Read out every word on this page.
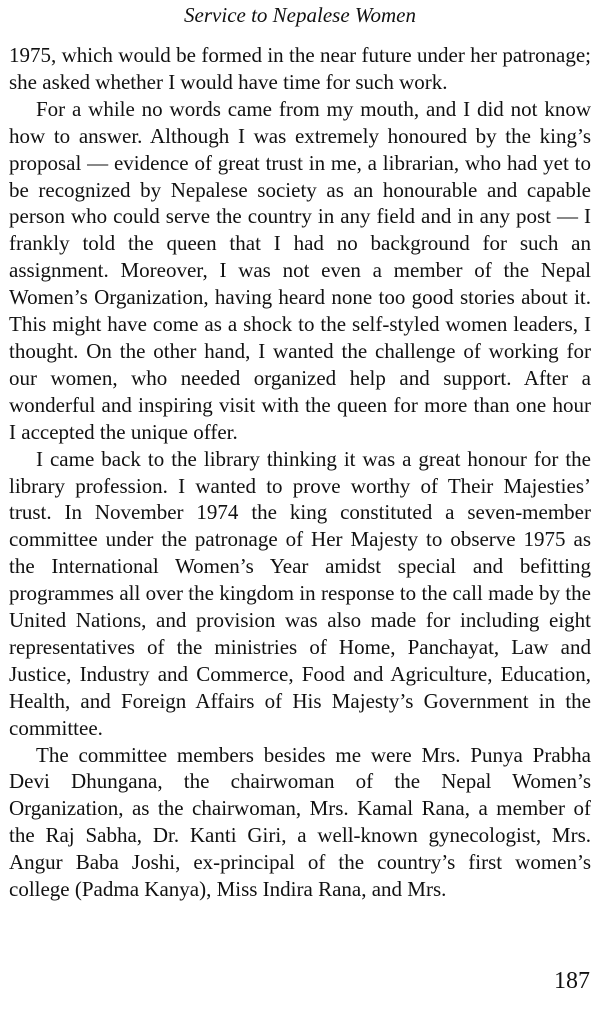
Service to Nepalese Women

1975, which would be formed in the near future under her patronage; she asked whether I would have time for such work.

For a while no words came from my mouth, and I did not know how to answer. Although I was extremely honoured by the king’s proposal — evidence of great trust in me, a librarian, who had yet to be recognized by Nepalese society as an honourable and capable person who could serve the country in any field and in any post — I frankly told the queen that I had no background for such an assignment. Moreover, I was not even a member of the Nepal Women’s Organization, having heard none too good stories about it. This might have come as a shock to the self-styled women leaders, I thought. On the other hand, I wanted the challenge of working for our women, who needed organized help and support. After a wonderful and inspiring visit with the queen for more than one hour I accepted the unique offer.

I came back to the library thinking it was a great honour for the library profession. I wanted to prove worthy of Their Majesties’ trust. In November 1974 the king constituted a seven-member committee under the patronage of Her Majesty to observe 1975 as the International Women’s Year amidst special and befitting programmes all over the kingdom in response to the call made by the United Nations, and provision was also made for including eight representatives of the ministries of Home, Panchayat, Law and Justice, Industry and Commerce, Food and Agriculture, Education, Health, and Foreign Affairs of His Majesty’s Government in the committee.

The committee members besides me were Mrs. Punya Prabha Devi Dhungana, the chairwoman of the Nepal Women’s Organization, as the chairwoman, Mrs. Kamal Rana, a member of the Raj Sabha, Dr. Kanti Giri, a well-known gynecologist, Mrs. Angur Baba Joshi, ex-principal of the country’s first women’s college (Padma Kanya), Miss Indira Rana, and Mrs.

187
